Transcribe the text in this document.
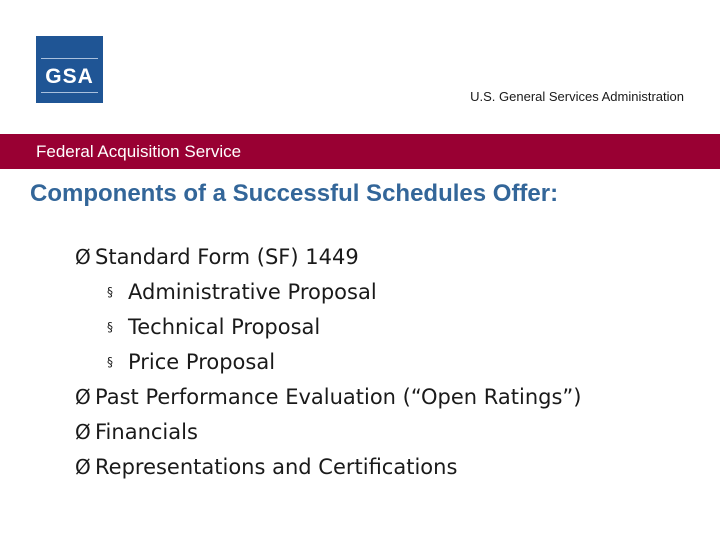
GSA
U.S. General Services Administration
Federal Acquisition Service
Components of a Successful Schedules Offer:
Ø Standard Form (SF) 1449
§ Administrative Proposal
§ Technical Proposal
§ Price Proposal
Ø Past Performance Evaluation (“Open Ratings”)
Ø Financials
Ø Representations and Certifications
